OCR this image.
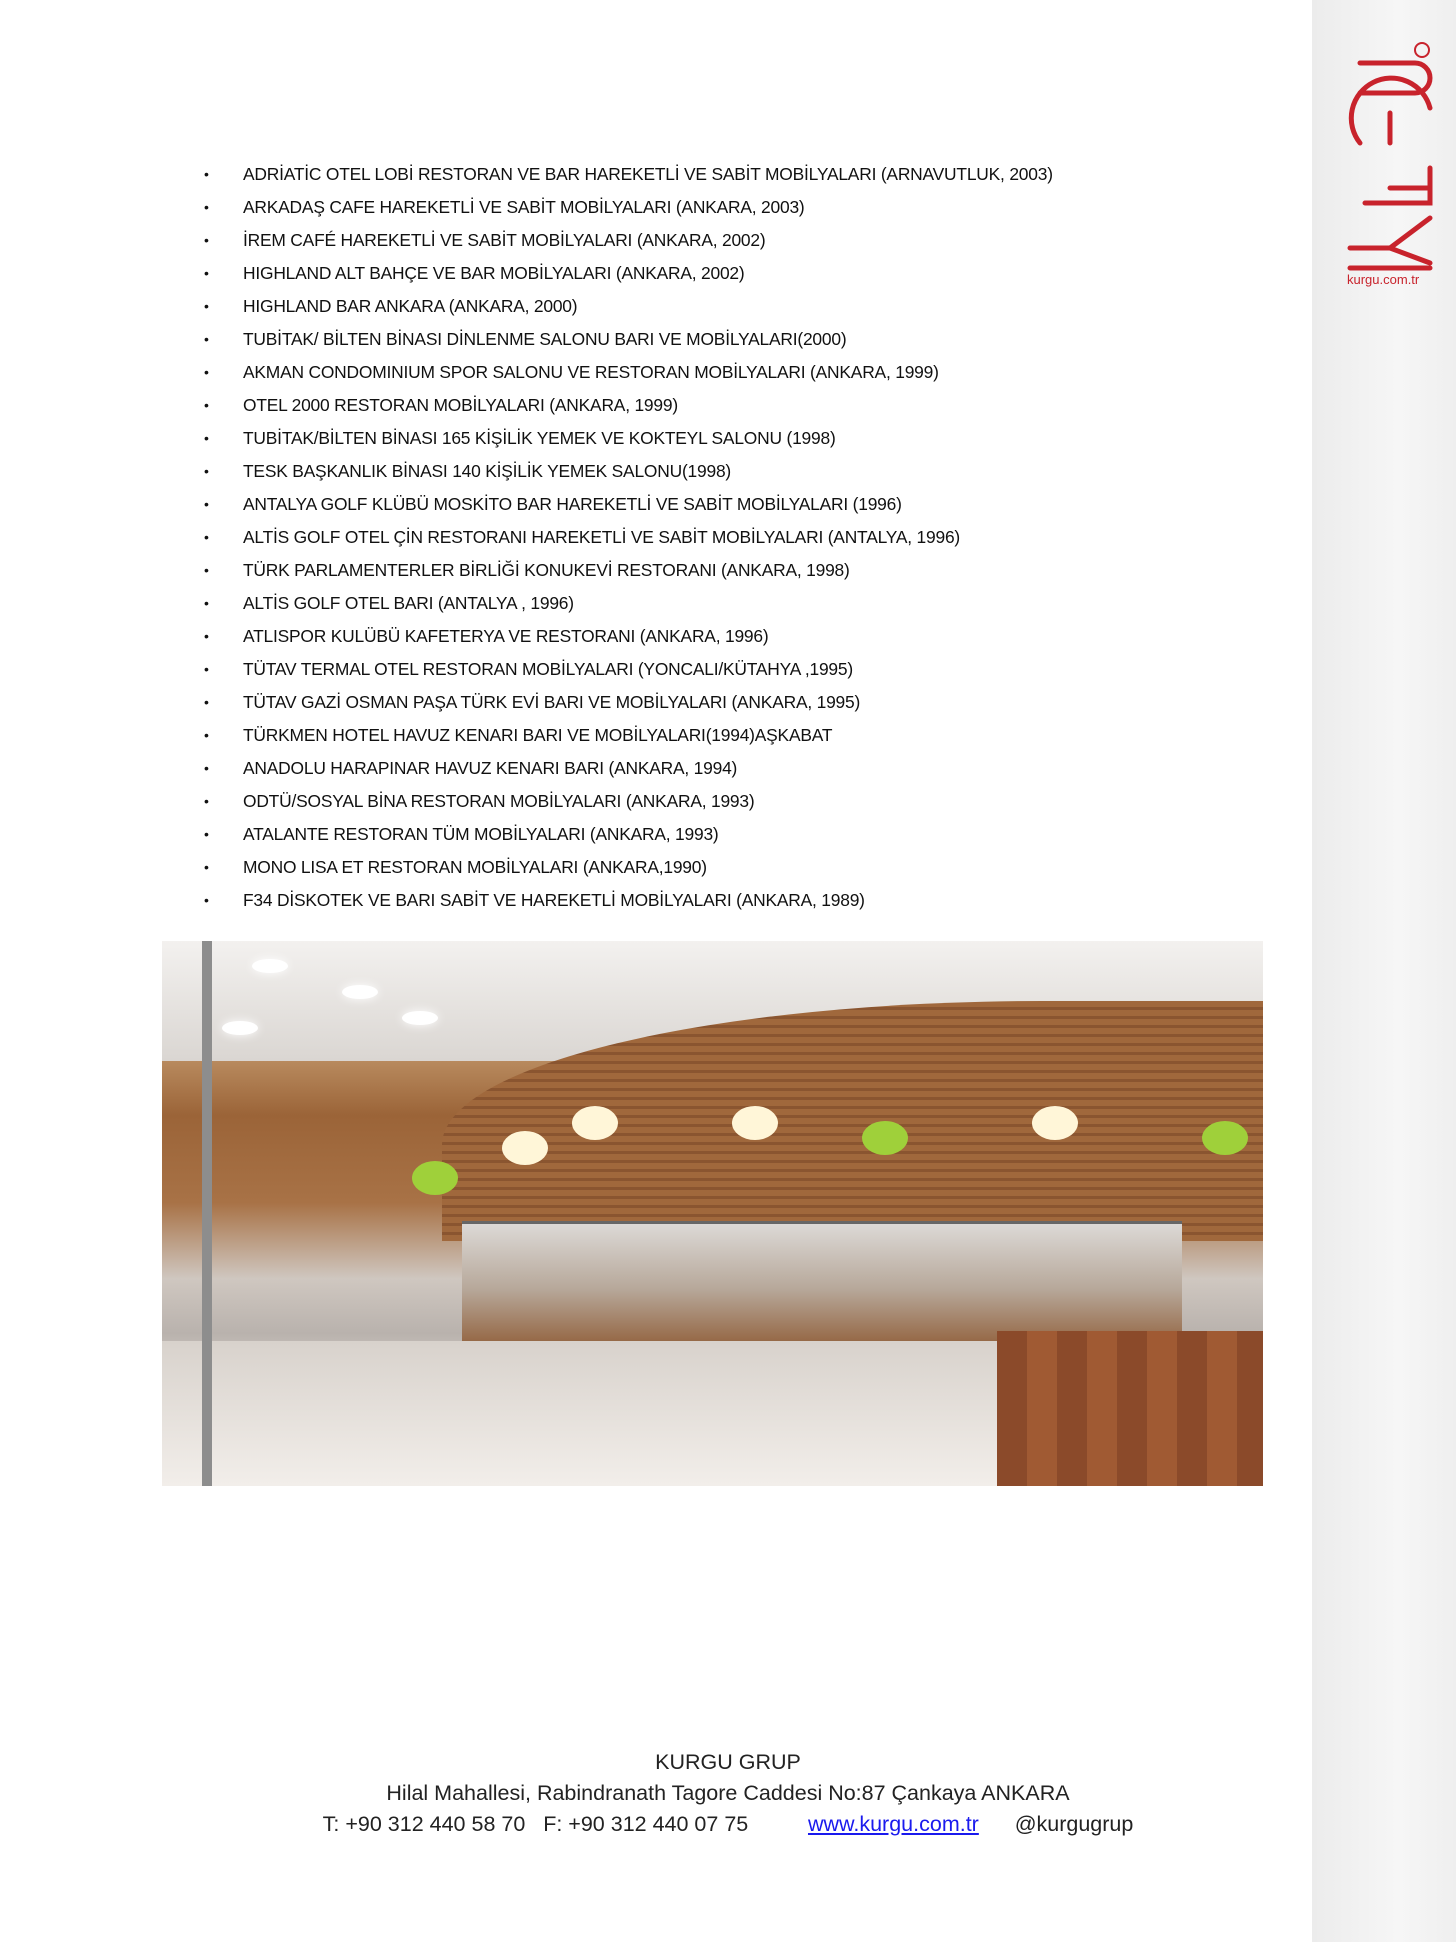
kurgu.com.tr
• ADRİATİC OTEL LOBİ RESTORAN VE BAR HAREKETLİ VE SABİT MOBİLYALARI (ARNAVUTLUK, 2003)
• ARKADAŞ CAFE HAREKETLİ VE SABİT MOBİLYALARI (ANKARA, 2003)
• İREM CAFÉ HAREKETLİ VE SABİT MOBİLYALARI (ANKARA, 2002)
• HIGHLAND ALT BAHÇE VE BAR MOBİLYALARI (ANKARA, 2002)
• HIGHLAND BAR ANKARA (ANKARA, 2000)
• TUBİTAK/ BİLTEN BİNASI DİNLENME SALONU BARI VE MOBİLYALARI(2000)
• AKMAN CONDOMINIUM SPOR SALONU VE RESTORAN MOBİLYALARI (ANKARA, 1999)
• OTEL 2000 RESTORAN MOBİLYALARI (ANKARA, 1999)
• TUBİTAK/BİLTEN BİNASI 165 KİŞİLİK YEMEK VE KOKTEYL SALONU (1998)
• TESK BAŞKANLIK BİNASI 140 KİŞİLİK YEMEK SALONU(1998)
• ANTALYA GOLF KLÜBÜ MOSKİTO BAR HAREKETLİ VE SABİT MOBİLYALARI (1996)
• ALTİS GOLF OTEL ÇİN RESTORANI HAREKETLİ VE SABİT MOBİLYALARI (ANTALYA, 1996)
• TÜRK PARLAMENTERLER BİRLİĞİ KONUKEVİ RESTORANI (ANKARA, 1998)
• ALTİS GOLF OTEL BARI (ANTALYA , 1996)
• ATLISPOR KULÜBÜ KAFETERYA VE RESTORANI (ANKARA, 1996)
• TÜTAV TERMAL OTEL RESTORAN MOBİLYALARI (YONCALI/KÜTAHYA ,1995)
• TÜTAV GAZİ OSMAN PAŞA TÜRK EVİ BARI VE MOBİLYALARI (ANKARA, 1995)
• TÜRKMEN HOTEL HAVUZ KENARI BARI VE MOBİLYALARI(1994)AŞKABAT
• ANADOLU HARAPINAR HAVUZ KENARI BARI (ANKARA, 1994)
• ODTÜ/SOSYAL BİNA RESTORAN MOBİLYALARI (ANKARA, 1993)
• ATALANTE RESTORAN TÜM MOBİLYALARI (ANKARA, 1993)
• MONO LISA ET RESTORAN MOBİLYALARI (ANKARA,1990)
• F34 DİSKOTEK VE BARI SABİT VE HAREKETLİ MOBİLYALARI (ANKARA, 1989)
KURGU GRUP
Hilal Mahallesi, Rabindranath Tagore Caddesi No:87 Çankaya ANKARA
T: +90 312 440 58 70 F: +90 312 440 07 75	www.kurgu.com.tr @kurgugrup
